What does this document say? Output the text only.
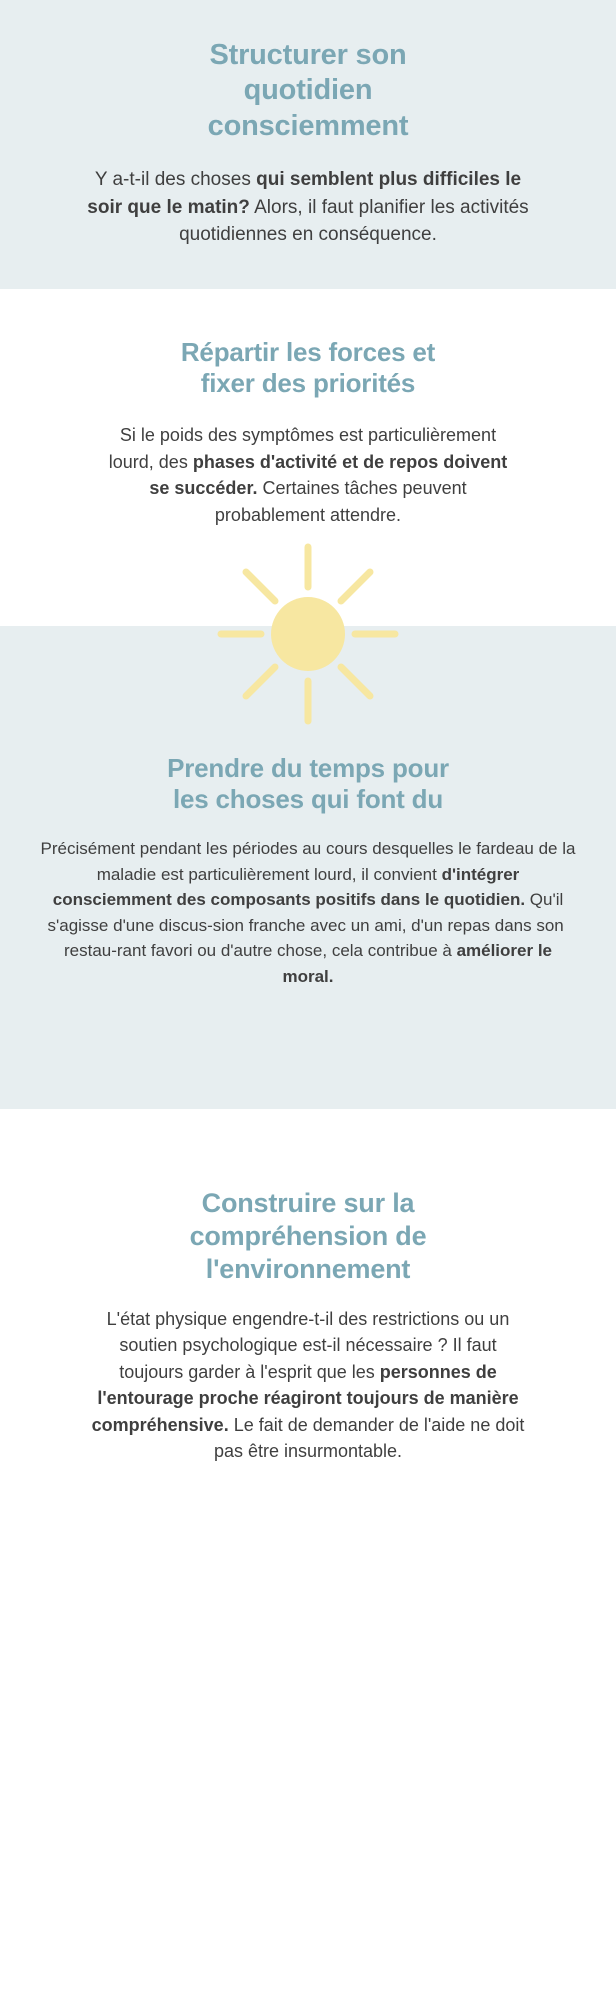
Structurer son
quotidien
consciemment

Y a-t-il des choses qui semblent plus difficiles le soir que le matin? Alors, il faut planifier les activités quotidiennes en conséquence.

Répartir les forces et
fixer des priorités

Si le poids des symptômes est particulièrement lourd, des phases d'activité et de repos doivent se succéder. Certaines tâches peuvent probablement attendre.

Prendre du temps pour
les choses qui font du

Précisément pendant les périodes au cours desquelles le fardeau de la maladie est particulièrement lourd, il convient d'intégrer consciemment des composants positifs dans le quotidien. Qu'il s'agisse d'une discus-sion franche avec un ami, d'un repas dans son  restau-rant favori ou d'autre chose, cela contribue à améliorer le moral.

Construire sur la
compréhension de
l'environnement

L'état physique engendre-t-il des restrictions ou un soutien psychologique est-il nécessaire ? Il faut toujours garder à l'esprit que les personnes de l'entourage proche réagiront toujours de manière compréhensive. Le fait de demander de l'aide ne doit pas être insurmontable.
